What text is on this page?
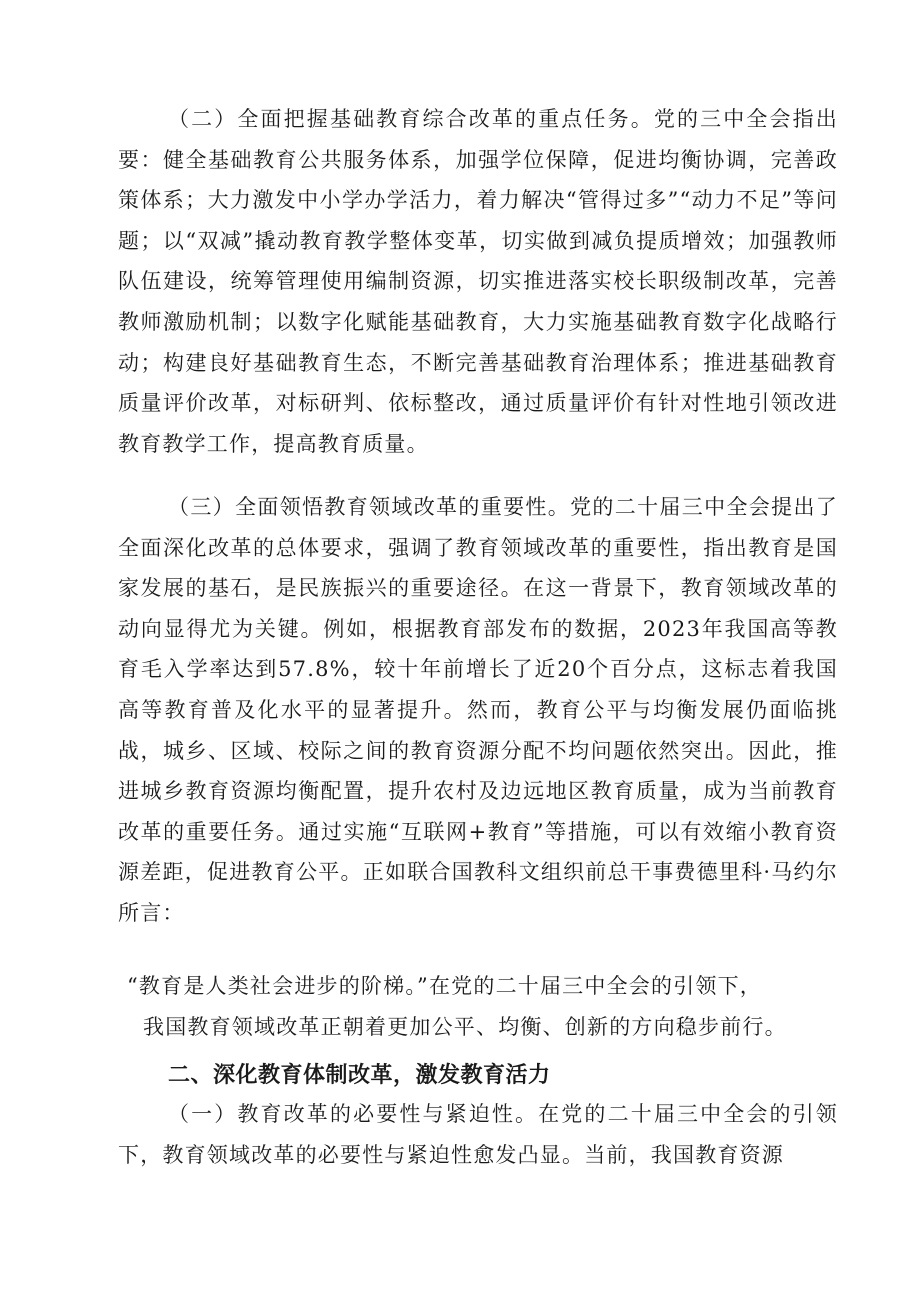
（二）全面把握基础教育综合改革的重点任务。党的三中全会指出要：健全基础教育公共服务体系，加强学位保障，促进均衡协调，完善政策体系；大力激发中小学办学活力，着力解决“管得过多”“动力不足”等问题；以“双减”撬动教育教学整体变革，切实做到减负提质增效；加强教师队伍建设，统筹管理使用编制资源，切实推进落实校长职级制改革，完善教师激励机制；以数字化赋能基础教育，大力实施基础教育数字化战略行动；构建良好基础教育生态，不断完善基础教育治理体系；推进基础教育质量评价改革，对标研判、依标整改，通过质量评价有针对性地引领改进教育教学工作，提高教育质量。

（三）全面领悟教育领域改革的重要性。党的二十届三中全会提出了全面深化改革的总体要求，强调了教育领域改革的重要性，指出教育是国家发展的基石，是民族振兴的重要途径。在这一背景下，教育领域改革的动向显得尤为关键。例如，根据教育部发布的数据，2023年我国高等教育毛入学率达到57.8%，较十年前增长了近20个百分点，这标志着我国高等教育普及化水平的显著提升。然而，教育公平与均衡发展仍面临挑战，城乡、区域、校际之间的教育资源分配不均问题依然突出。因此，推进城乡教育资源均衡配置，提升农村及边远地区教育质量，成为当前教育改革的重要任务。通过实施“互联网+教育”等措施，可以有效缩小教育资源差距，促进教育公平。正如联合国教科文组织前总干事费德里科·马约尔所言：

“教育是人类社会进步的阶梯。”在党的二十届三中全会的引领下，

我国教育领域改革正朝着更加公平、均衡、创新的方向稳步前行。

二、深化教育体制改革，激发教育活力

（一）教育改革的必要性与紧迫性。在党的二十届三中全会的引领下，教育领域改革的必要性与紧迫性愈发凸显。当前，我国教育资源
